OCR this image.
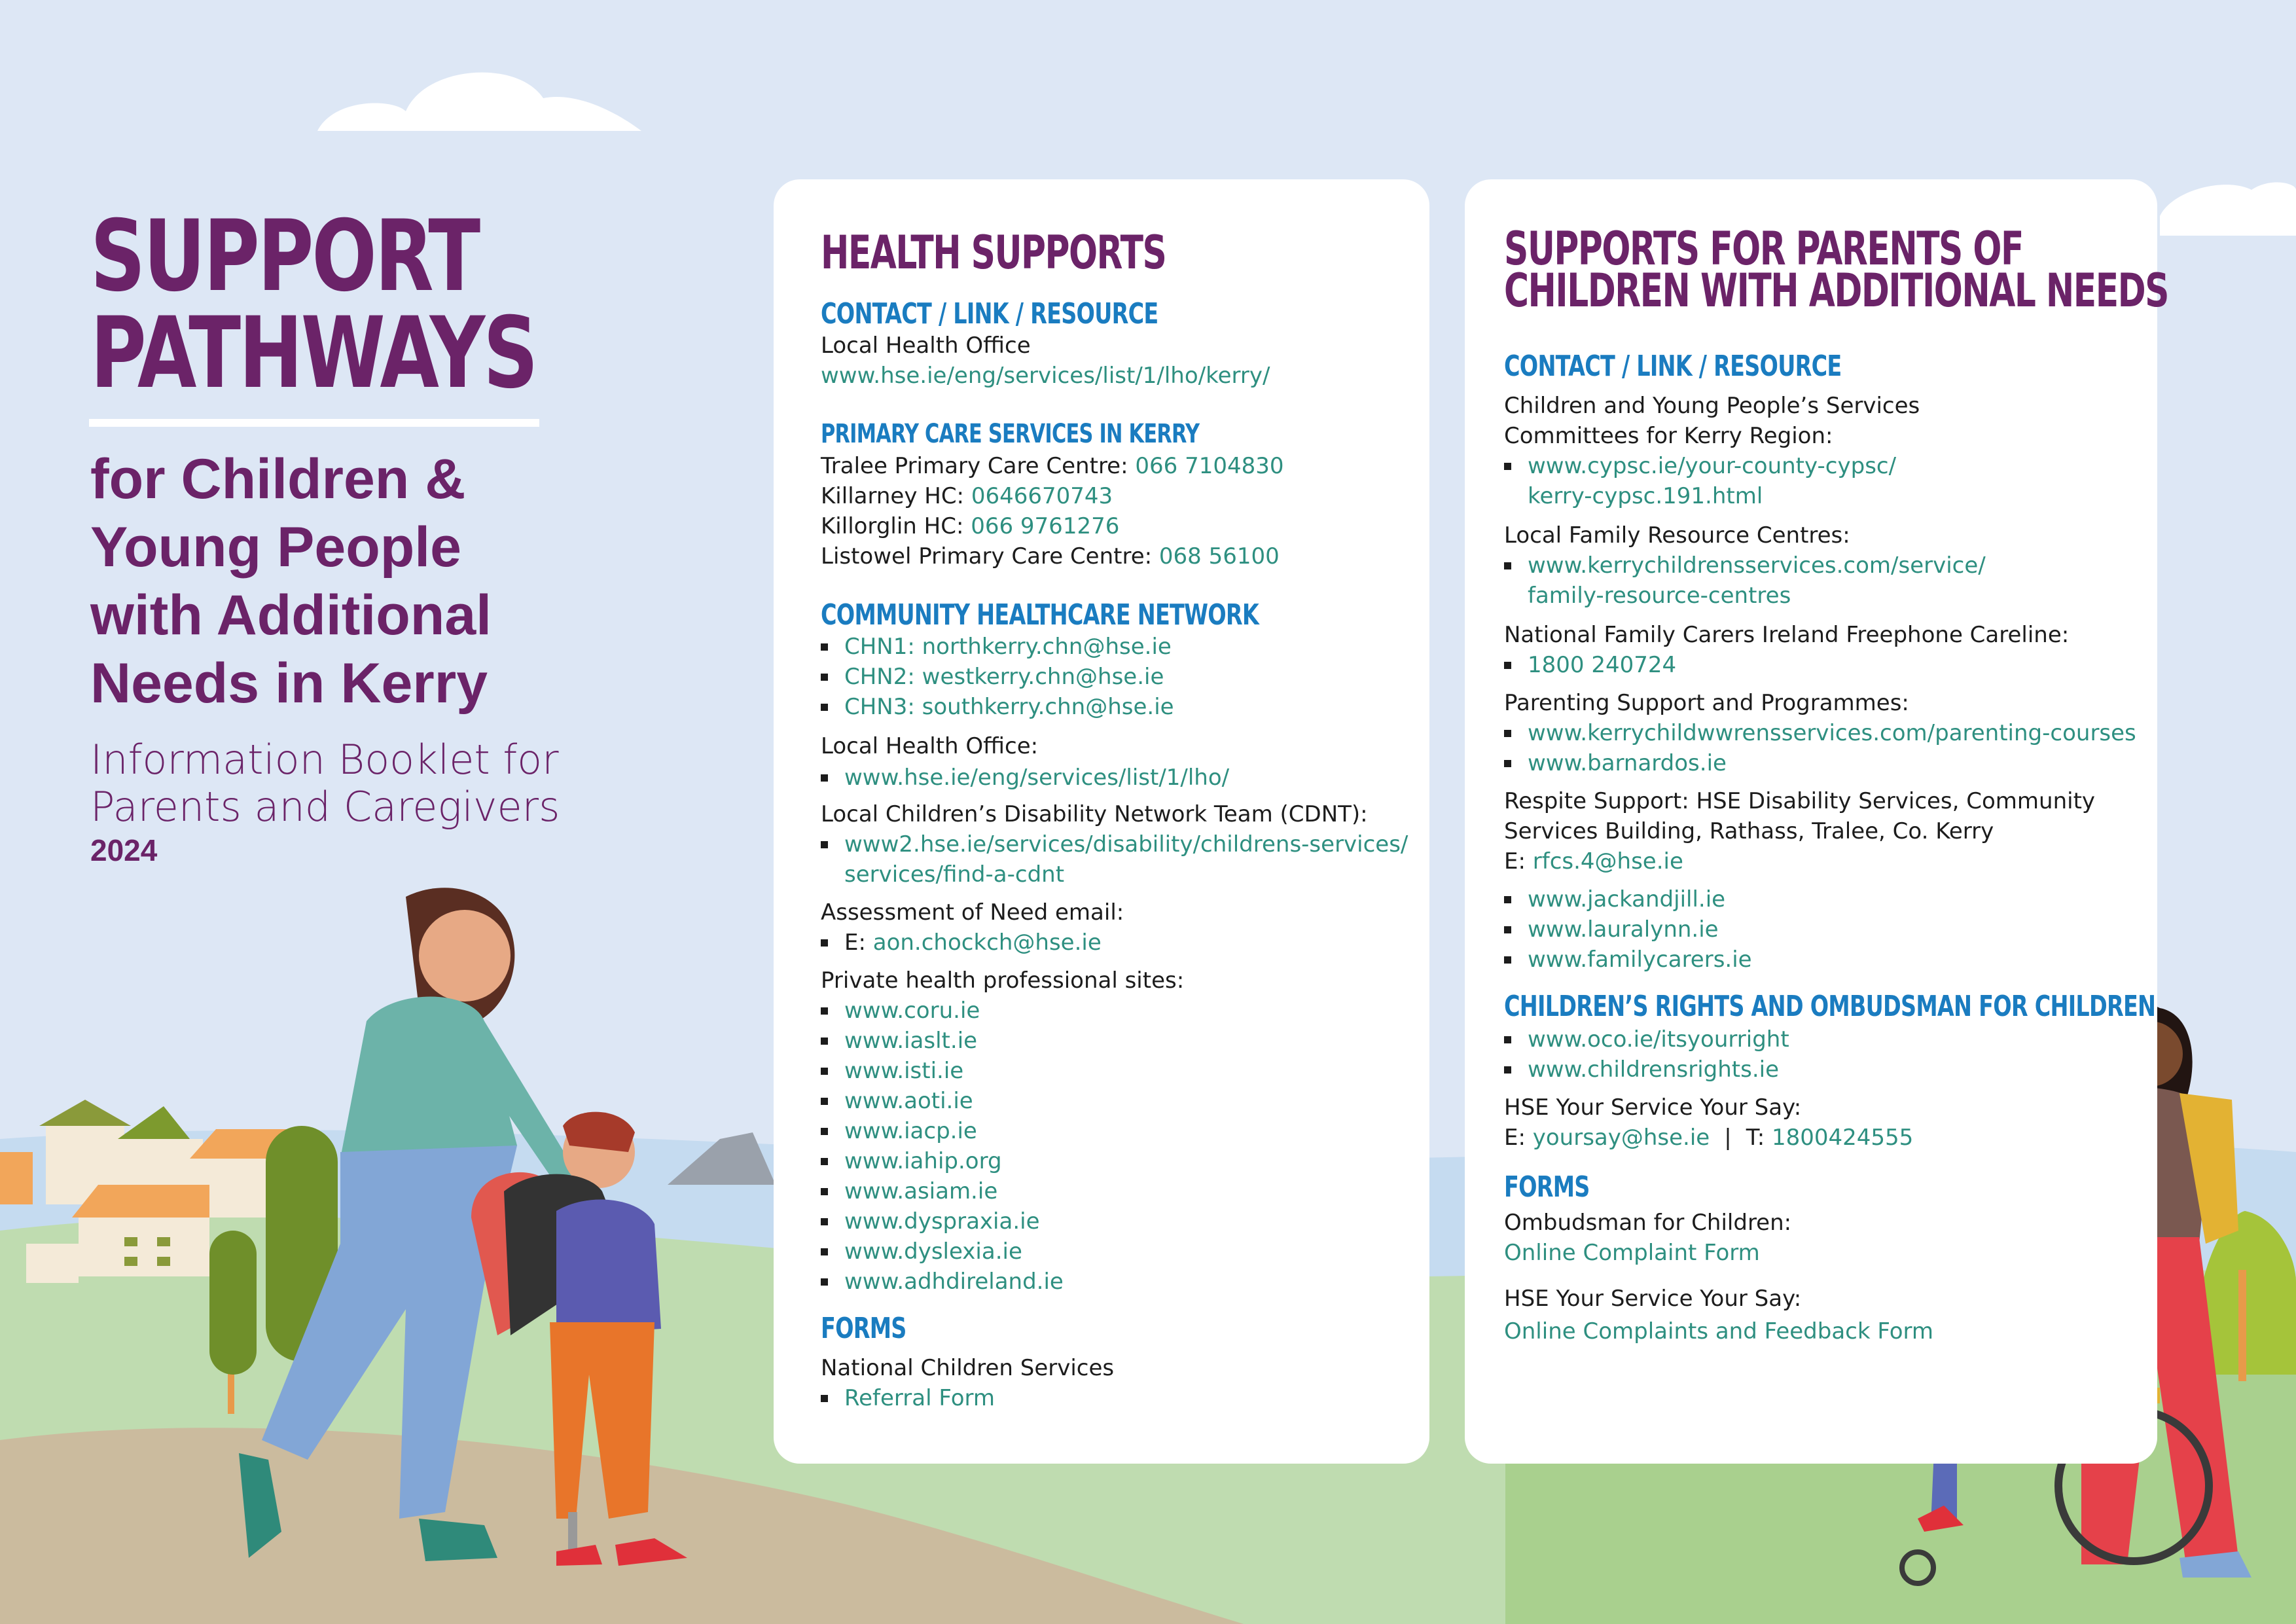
SUPPORT
PATHWAYS
for Children &
Young People
with Additional
Needs in Kerry
Information Booklet for
Parents and Caregivers
2024
HEALTH SUPPORTS
CONTACT / LINK / RESOURCE
Local Health Office
www.hse.ie/eng/services/list/1/lho/kerry/
PRIMARY CARE SERVICES IN KERRY
Tralee Primary Care Centre: 066 7104830
Killarney HC: 0646670743
Killorglin HC: 066 9761276
Listowel Primary Care Centre: 068 56100
COMMUNITY HEALTHCARE NETWORK
CHN1: northkerry.chn@hse.ie
CHN2: westkerry.chn@hse.ie
CHN3: southkerry.chn@hse.ie
Local Health Office:
www.hse.ie/eng/services/list/1/lho/
Local Children’s Disability Network Team (CDNT):
www2.hse.ie/services/disability/childrens-services/
services/find-a-cdnt
Assessment of Need email:
E: aon.chockch@hse.ie
Private health professional sites:
www.coru.ie
www.iaslt.ie
www.isti.ie
www.aoti.ie
www.iacp.ie
www.iahip.org
www.asiam.ie
www.dyspraxia.ie
www.dyslexia.ie
www.adhdireland.ie
FORMS
National Children Services
Referral Form
SUPPORTS FOR PARENTS OF
CHILDREN WITH ADDITIONAL NEEDS
CONTACT / LINK / RESOURCE
Children and Young People’s Services
Committees for Kerry Region:
www.cypsc.ie/your-county-cypsc/
kerry-cypsc.191.html
Local Family Resource Centres:
www.kerrychildrensservices.com/service/
family-resource-centres
National Family Carers Ireland Freephone Careline:
1800 240724
Parenting Support and Programmes:
www.kerrychildwwrensservices.com/parenting-courses
www.barnardos.ie
Respite Support: HSE Disability Services, Community
Services Building, Rathass, Tralee, Co. Kerry
E: rfcs.4@hse.ie
www.jackandjill.ie
www.lauralynn.ie
www.familycarers.ie
CHILDREN’S RIGHTS AND OMBUDSMAN FOR CHILDREN
www.oco.ie/itsyourright
www.childrensrights.ie
HSE Your Service Your Say:
E: yoursay@hse.ie | T: 1800424555
FORMS
Ombudsman for Children:
Online Complaint Form
HSE Your Service Your Say:
Online Complaints and Feedback Form
